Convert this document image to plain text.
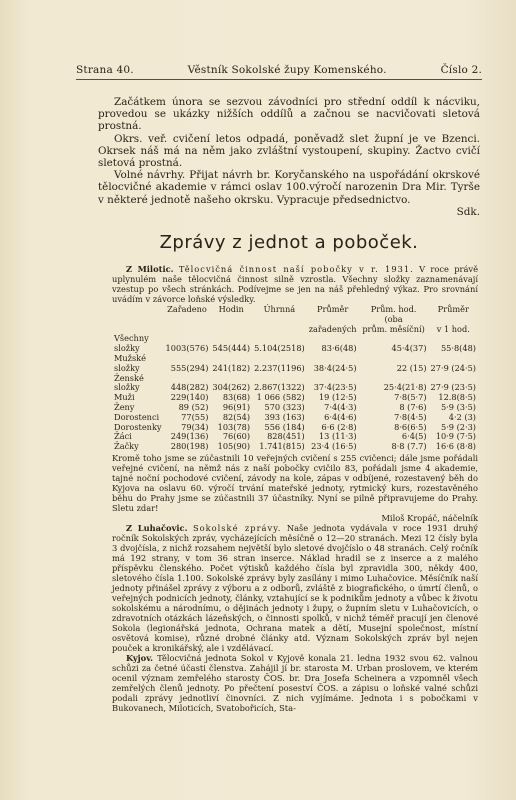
Strana 40.	Věstník Sokolské župy Komenského.	Číslo 2.

Začátkem února se sezvou závodníci pro střední oddíl k nácviku, provedou se ukázky nižších oddílů a začnou se nacvičovati sletová prostná.

Okrs. veř. cvičení letos odpadá, poněvadž slet župní je ve Bzenci. Okrsek náš má na něm jako zvláštní vystoupení, skupiny. Žactvo cvičí sletová prostná.

Volné návrhy. Přijat návrh br. Koryčanského na uspořádání okrskové tělocvičné akademie v rámci oslav 100.výročí narozenin Dra Mir. Tyrše v některé jednotě našeho okrsku. Vypracuje předsednictvo.

Sdk.

Zprávy z jednot a poboček.

Z Milotic. Tělocvičná činnost naší pobočky v r. 1931. V roce právě uplynulém naše tělocvičná činnost silně vzrostla. Všechny složky zaznamenávají vzestup po všech stránkách. Podívejme se jen na náš přehledný výkaz. Pro srovnání uvádím v závorce loňské výsledky.

	Zařadeno	Hodin	Úhrnná	Průměr	Prům. hod. (oba	Průměr
				zařadených	prům. měsíční)	v 1 hod.
Všechny						
složky	1003(576)	545(444)	5.104(2518)	83·6(48)	45·4(37)	55·8(48)
Mužské						
složky	555(294)	241(182)	2.237(1196)	38·4(24·5)	22 (15)	27·9 (24·5)
Ženské						
složky	448(282)	304(262)	2.867(1322)	37·4(23·5)	25·4(21·8)	27·9 (23·5)
Muži	229(140)	83(68)	1 066 (582)	19 (12·5)	7·8(5·7)	12.8(8·5)
Ženy	89 (52)	96(91)	570 (323)	7·4(4·3)	8 (7·6)	5·9 (3·5)
Dorostenci	77(55)	82(54)	393 (163)	6·4(4·6)	7·8(4·5)	4·2 (3)
Dorostenky	79(34)	103(78)	556 (184)	6·6 (2·8)	8·6(6·5)	5·9 (2·3)
Žáci	249(136)	76(60)	828(451)	13 (11·3)	6·4(5)	10·9 (7·5)
Žačky	280(198)	105(90)	1.741(815)	23·4 (16·5)	8·8 (7.7)	16·6 (8·8)

Kromě toho jsme se zúčastnili 10 veřejných cvičení s 255 cvičenci; dále jsme pořádali veřejné cvičení, na němž nás z naší pobočky cvičilo 83, pořádali jsme 4 akademie, tajné noční pochodové cvičení, závody na kole, zápas v odbíjené, rozestavený běh do Kyjova na oslavu 60. výročí trvání mateřské jednoty, rytmický kurs, rozestavěného běhu do Prahy jsme se zúčastnili 37 účastníky. Nyní se pilně připravujeme do Prahy. Sletu zdar!

Miloš Kropáč, náčelník

Z Luhačovic. Sokolské zprávy. Naše jednota vydávala v roce 1931 druhý ročník Sokolských zpráv, vycházejících měsíčně o 12—20 stranách. Mezi 12 čísly byla 3 dvojčísla, z nichž rozsahem největší bylo sletové dvojčíslo o 48 stranách. Celý ročník má 192 strany, v tom 36 stran inserce. Náklad hradil se z inserce a z malého příspěvku členského. Počet výtisků každého čísla byl zpravidla 300, někdy 400, sletového čísla 1.100. Sokolské zprávy byly zasílány i mimo Luhačovice. Měsíčník naší jednoty přinášel zprávy z výboru a z odborů, zvláště z biografického, o úmrtí členů, o veřejných podnicích jednoty, články, vztahující se k podnikům jednoty a vůbec k životu sokolskému a národnímu, o dějinách jednoty i župy, o župním sletu v Luhačovicích, o zdravotních otázkách lázeňských, o činnosti spolků, v nichž téměř pracují jen členové Sokola (legionářská jednota, Ochrana matek a dětí, Musejní společnost, místní osvětová komise), různé drobné články atd. Význam Sokolských zpráv byl nejen pouček a kronikářský, ale i vzdělávací.

Kyjov. Tělocvičná jednota Sokol v Kyjově konala 21. ledna 1932 svou 62. valnou schůzi za četné účasti členstva. Zahájil jí br. starosta M. Urban proslovem, ve kterém ocenil význam zemřelého starosty ČOS. br. Dra Josefa Scheinera a vzpomněl všech zemřelých členů jednoty. Po přečtení poseství ČOS. a zápisu o loňské valné schůzi podali zprávy jednotliví činovníci. Z nich vyjímáme. Jednota i s pobočkami v Bukovanech, Miloticích, Svatobořicích, Sta-
